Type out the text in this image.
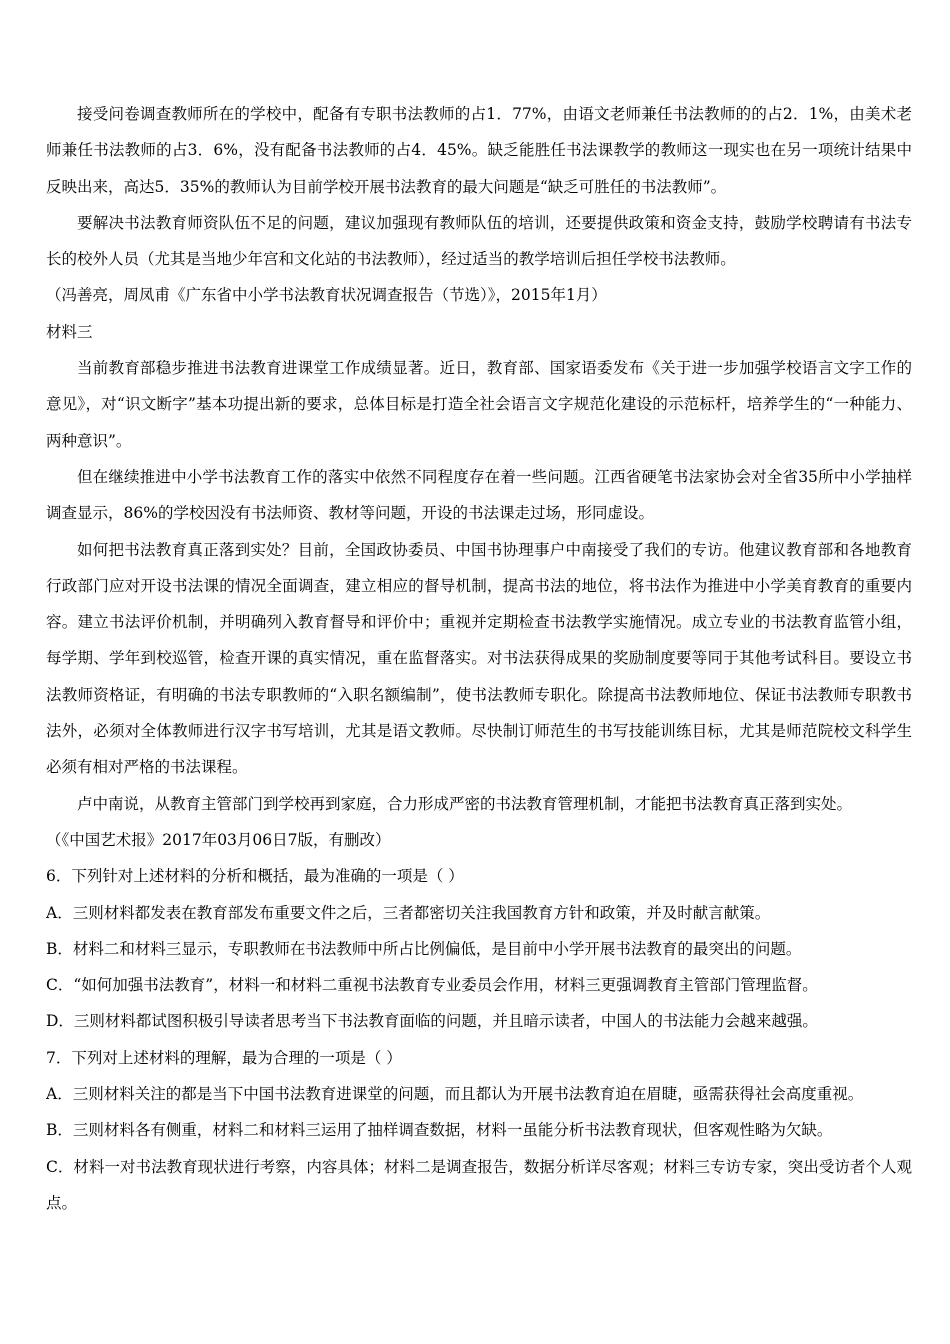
接受问卷调查教师所在的学校中，配备有专职书法教师的占1．77%，由语文老师兼任书法教师的的占2．1%，由美术老师兼任书法教师的占3．6%，没有配备书法教师的占4．45%。缺乏能胜任书法课教学的教师这一现实也在另一项统计结果中反映出来，高达5．35%的教师认为目前学校开展书法教育的最大问题是“缺乏可胜任的书法教师”。

要解决书法教育师资队伍不足的问题，建议加强现有教师队伍的培训，还要提供政策和资金支持，鼓励学校聘请有书法专长的校外人员（尤其是当地少年宫和文化站的书法教师），经过适当的教学培训后担任学校书法教师。

（冯善亮，周凤甫《广东省中小学书法教育状况调查报告（节选）》，2015年1月）

材料三

当前教育部稳步推进书法教育进课堂工作成绩显著。近日，教育部、国家语委发布《关于进一步加强学校语言文字工作的意见》，对“识文断字”基本功提出新的要求，总体目标是打造全社会语言文字规范化建设的示范标杆，培养学生的“一种能力、两种意识”。

但在继续推进中小学书法教育工作的落实中依然不同程度存在着一些问题。江西省硬笔书法家协会对全省35所中小学抽样调查显示，86%的学校因没有书法师资、教材等问题，开设的书法课走过场，形同虚设。

如何把书法教育真正落到实处？目前，全国政协委员、中国书协理事户中南接受了我们的专访。他建议教育部和各地教育行政部门应对开设书法课的情况全面调查，建立相应的督导机制，提高书法的地位，将书法作为推进中小学美育教育的重要内容。建立书法评价机制，并明确列入教育督导和评价中；重视并定期检查书法教学实施情况。成立专业的书法教育监管小组，每学期、学年到校巡管，检查开课的真实情况，重在监督落实。对书法获得成果的奖励制度要等同于其他考试科目。要设立书法教师资格证，有明确的书法专职教师的“入职名额编制”，使书法教师专职化。除提高书法教师地位、保证书法教师专职教书法外，必须对全体教师进行汉字书写培训，尤其是语文教师。尽快制订师范生的书写技能训练目标，尤其是师范院校文科学生必须有相对严格的书法课程。

卢中南说，从教育主管部门到学校再到家庭，合力形成严密的书法教育管理机制，才能把书法教育真正落到实处。

（《中国艺术报》2017年03月06日7版，有删改）

6．下列针对上述材料的分析和概括，最为准确的一项是（ ）

A．三则材料都发表在教育部发布重要文件之后，三者都密切关注我国教育方针和政策，并及时献言献策。

B．材料二和材料三显示，专职教师在书法教师中所占比例偏低，是目前中小学开展书法教育的最突出的问题。

C．“如何加强书法教育”，材料一和材料二重视书法教育专业委员会作用，材料三更强调教育主管部门管理监督。

D．三则材料都试图积极引导读者思考当下书法教育面临的问题，并且暗示读者，中国人的书法能力会越来越强。

7．下列对上述材料的理解，最为合理的一项是（ ）

A．三则材料关注的都是当下中国书法教育进课堂的问题，而且都认为开展书法教育迫在眉睫，亟需获得社会高度重视。

B．三则材料各有侧重，材料二和材料三运用了抽样调查数据，材料一虽能分析书法教育现状，但客观性略为欠缺。

C．材料一对书法教育现状进行考察，内容具体；材料二是调查报告，数据分析详尽客观；材料三专访专家，突出受访者个人观点。
